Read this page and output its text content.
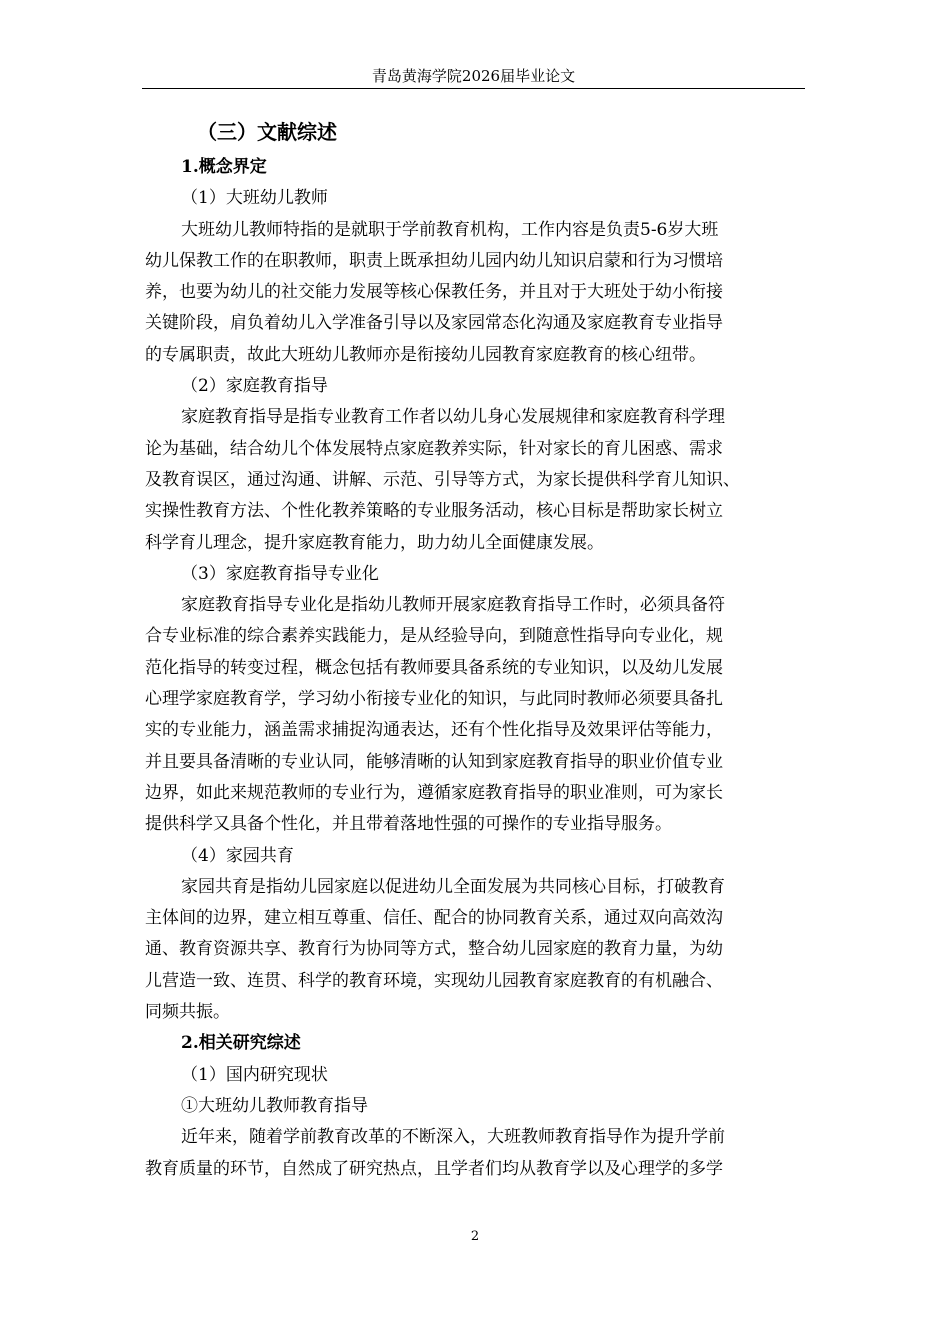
青岛黄海学院2026届毕业论文
（三）文献综述
1.概念界定
（1）大班幼儿教师
大班幼儿教师特指的是就职于学前教育机构，工作内容是负责5-6岁大班
幼儿保教工作的在职教师，职责上既承担幼儿园内幼儿知识启蒙和行为习惯培
养，也要为幼儿的社交能力发展等核心保教任务，并且对于大班处于幼小衔接
关键阶段，肩负着幼儿入学准备引导以及家园常态化沟通及家庭教育专业指导
的专属职责，故此大班幼儿教师亦是衔接幼儿园教育家庭教育的核心纽带。
（2）家庭教育指导
家庭教育指导是指专业教育工作者以幼儿身心发展规律和家庭教育科学理
论为基础，结合幼儿个体发展特点家庭教养实际，针对家长的育儿困惑、需求
及教育误区，通过沟通、讲解、示范、引导等方式，为家长提供科学育儿知识、
实操性教育方法、个性化教养策略的专业服务活动，核心目标是帮助家长树立
科学育儿理念，提升家庭教育能力，助力幼儿全面健康发展。
（3）家庭教育指导专业化
家庭教育指导专业化是指幼儿教师开展家庭教育指导工作时，必须具备符
合专业标准的综合素养实践能力，是从经验导向，到随意性指导向专业化，规
范化指导的转变过程，概念包括有教师要具备系统的专业知识，以及幼儿发展
心理学家庭教育学，学习幼小衔接专业化的知识，与此同时教师必须要具备扎
实的专业能力，涵盖需求捕捉沟通表达，还有个性化指导及效果评估等能力，
并且要具备清晰的专业认同，能够清晰的认知到家庭教育指导的职业价值专业
边界，如此来规范教师的专业行为，遵循家庭教育指导的职业准则，可为家长
提供科学又具备个性化，并且带着落地性强的可操作的专业指导服务。
（4）家园共育
家园共育是指幼儿园家庭以促进幼儿全面发展为共同核心目标，打破教育
主体间的边界，建立相互尊重、信任、配合的协同教育关系，通过双向高效沟
通、教育资源共享、教育行为协同等方式，整合幼儿园家庭的教育力量，为幼
儿营造一致、连贯、科学的教育环境，实现幼儿园教育家庭教育的有机融合、
同频共振。
2.相关研究综述
（1）国内研究现状
①大班幼儿教师教育指导
近年来，随着学前教育改革的不断深入，大班教师教育指导作为提升学前
教育质量的环节，自然成了研究热点，且学者们均从教育学以及心理学的多学
2
